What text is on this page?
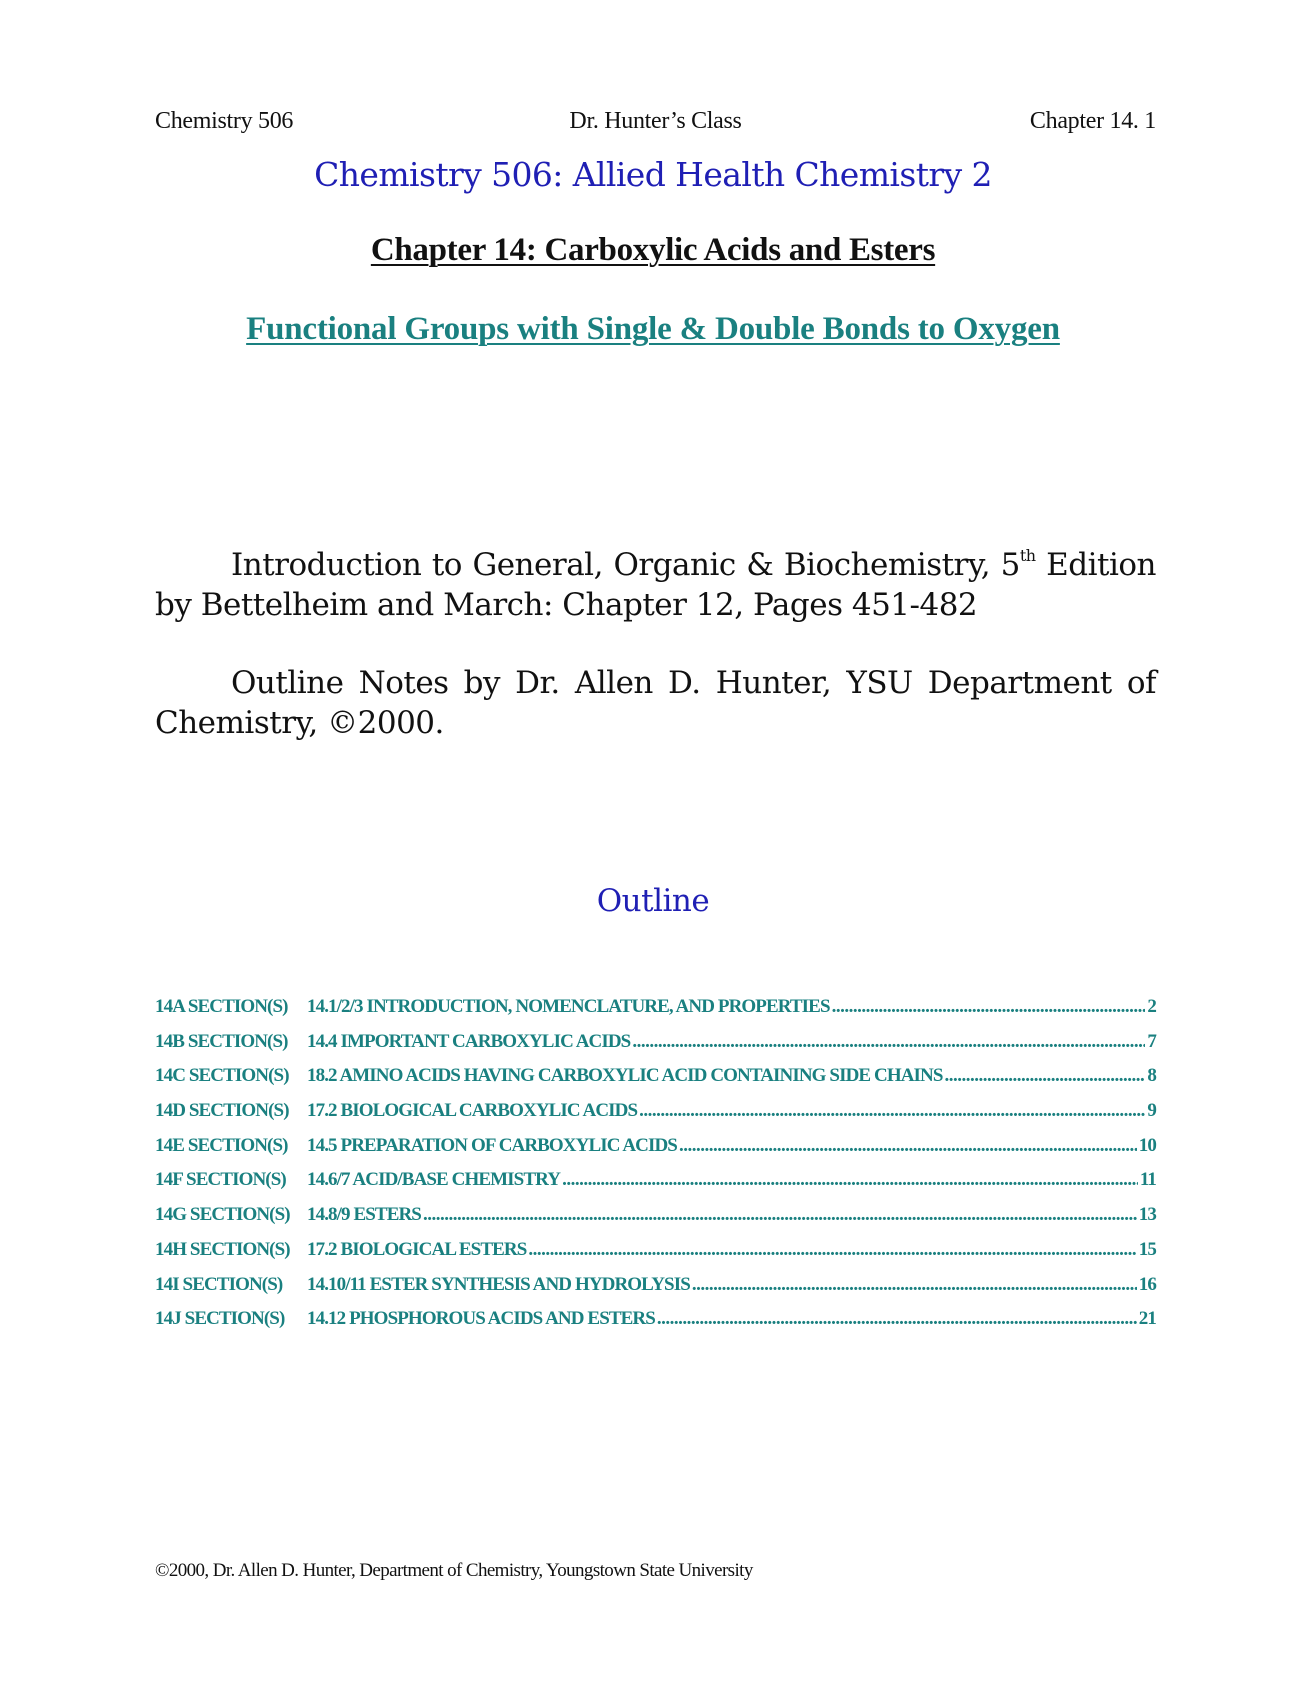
Chemistry 506	Dr. Hunter’s Class	Chapter 14. 1
Chemistry 506: Allied Health Chemistry 2
Chapter 14: Carboxylic Acids and Esters
Functional Groups with Single & Double Bonds to Oxygen

Introduction to General, Organic & Biochemistry, 5th Edition by Bettelheim and March: Chapter 12, Pages 451-482

Outline Notes by Dr. Allen D. Hunter, YSU Department of Chemistry, ©2000.

Outline
14A SECTION(S)	14.1/2/3 INTRODUCTION, NOMENCLATURE, AND PROPERTIES .....	2
14B SECTION(S)	14.4 IMPORTANT CARBOXYLIC ACIDS .....	7
14C SECTION(S) 18.2 AMINO ACIDS HAVING CARBOXYLIC ACID CONTAINING SIDE CHAINS .....	8
14D SECTION(S) 17.2 BIOLOGICAL CARBOXYLIC ACIDS .....	9
14E SECTION(S)	14.5 PREPARATION OF CARBOXYLIC ACIDS .....	10
14F SECTION(S)	14.6/7 ACID/BASE CHEMISTRY .....	11
14G SECTION(S) 14.8/9 ESTERS .....	13
14H SECTION(S) 17.2 BIOLOGICAL ESTERS .....	15
14I SECTION(S)	14.10/11 ESTER SYNTHESIS AND HYDROLYSIS .....	16
14J SECTION(S)	14.12 PHOSPHOROUS ACIDS AND ESTERS .....	21
©2000, Dr. Allen D. Hunter, Department of Chemistry, Youngstown State University
